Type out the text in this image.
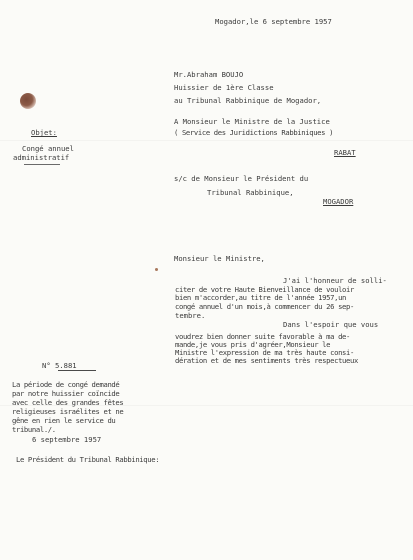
Mogador,le 6 septembre 1957
Mr.Abraham BOUJO
Huissier de 1ère Classe
au Tribunal Rabbinique de Mogador,
A Monsieur le Ministre de la Justice
( Service des Juridictions Rabbiniques )
RABAT
s/c de Monsieur le Président du
Tribunal Rabbinique,
MOGADOR
Objet:
Congé annuel
administratif
Monsieur le Ministre,
J'ai l'honneur de solli-
citer de votre Haute Bienveillance de vouloir
bien m'accorder,au titre de l'année 1957,un
congé annuel d'un mois,à commencer du 26 sep-
tembre.
Dans l'espoir que vous
voudrez bien donner suite favorable à ma de-
mande,je vous pris d'agréer,Monsieur le
Ministre l'expression de ma très haute consi-
dération et de mes sentiments très respectueux
N° 5.881
La période de congé demandé
par notre huissier coïncide
avec celle des grandes fêtes
religieuses israélites et ne
gêne en rien le service du
tribunal./.
6 septembre 1957
Le Président du Tribunal Rabbinique:
